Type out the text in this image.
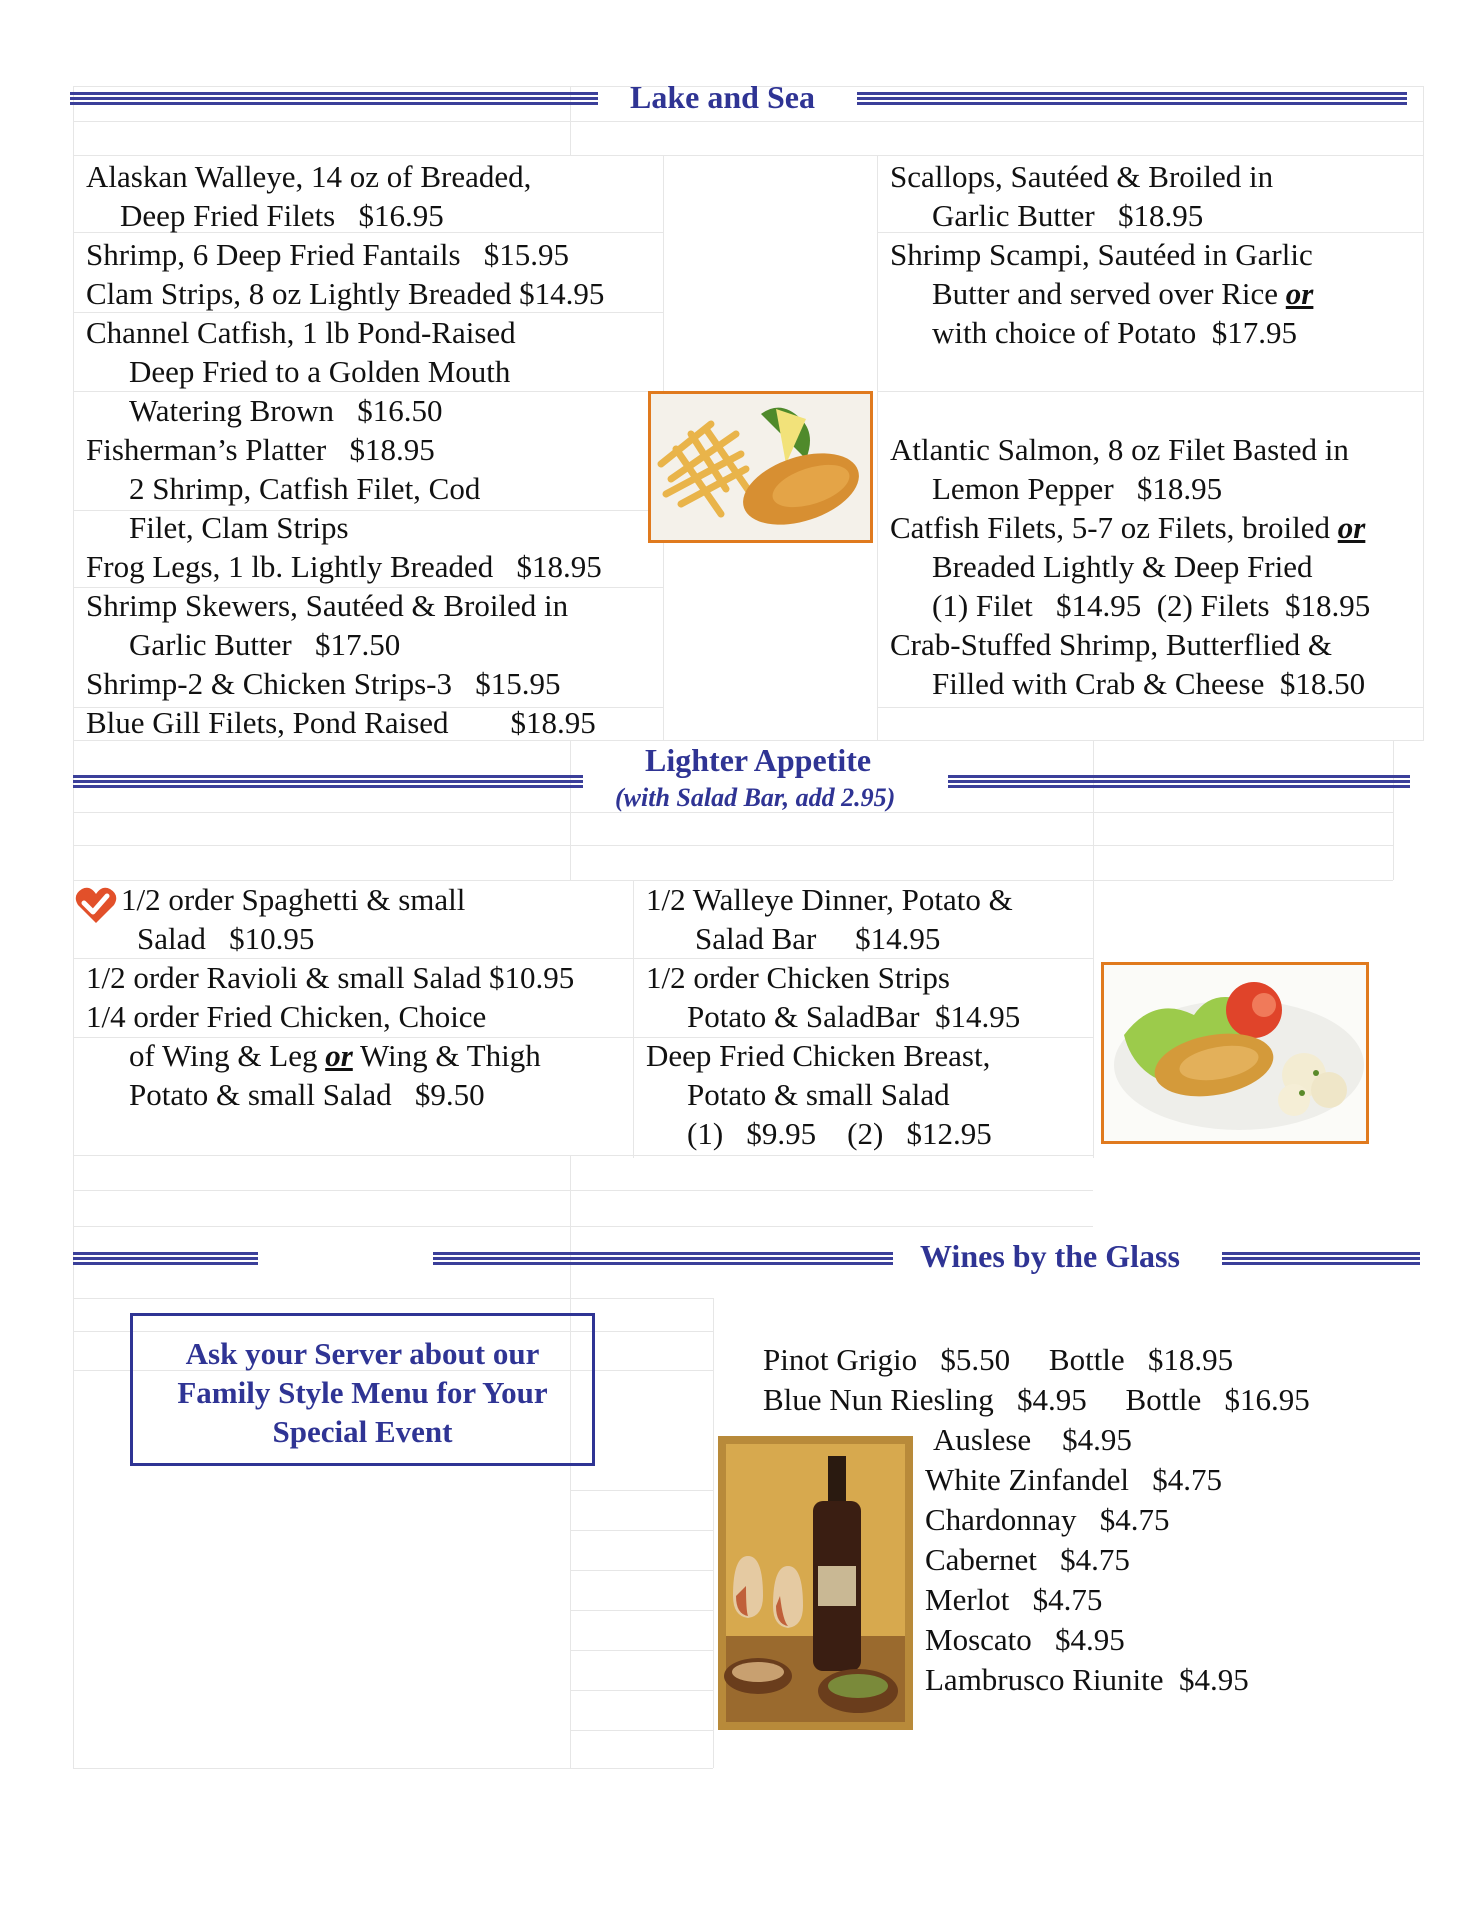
Lake and Sea
Alaskan Walleye, 14 oz of Breaded,
Deep Fried Filets   $16.95
Shrimp, 6 Deep Fried Fantails   $15.95
Clam Strips, 8 oz Lightly Breaded $14.95
Channel Catfish, 1 lb Pond-Raised
Deep Fried to a Golden Mouth
Watering Brown   $16.50
Fisherman’s Platter   $18.95
2 Shrimp, Catfish Filet, Cod
Filet, Clam Strips
Frog Legs, 1 lb. Lightly Breaded   $18.95
Shrimp Skewers, Sautéed & Broiled in
Garlic Butter   $17.50
Shrimp-2 & Chicken Strips-3   $15.95
Blue Gill Filets, Pond Raised        $18.95
Scallops, Sautéed & Broiled in
Garlic Butter   $18.95
Shrimp Scampi, Sautéed in Garlic
Butter and served over Rice or
with choice of Potato  $17.95
Atlantic Salmon, 8 oz Filet Basted in
Lemon Pepper   $18.95
Catfish Filets, 5-7 oz Filets, broiled or
Breaded Lightly & Deep Fried
(1) Filet   $14.95  (2) Filets  $18.95
Crab-Stuffed Shrimp, Butterflied &
Filled with Crab & Cheese  $18.50
Lighter Appetite
(with Salad Bar, add 2.95)
1/2 order Spaghetti & small
Salad   $10.95
1/2 order Ravioli & small Salad $10.95
1/4 order Fried Chicken, Choice
of Wing & Leg or Wing & Thigh
Potato & small Salad   $9.50
1/2 Walleye Dinner, Potato &
Salad Bar     $14.95
1/2 order Chicken Strips
Potato & SaladBar  $14.95
Deep Fried Chicken Breast,
Potato & small Salad
(1)   $9.95    (2)   $12.95
Wines by the Glass
Ask your Server about our
Family Style Menu for Your
Special Event
Pinot Grigio   $5.50     Bottle   $18.95
Blue Nun Riesling   $4.95     Bottle   $16.95
Auslese    $4.95
White Zinfandel   $4.75
Chardonnay   $4.75
Cabernet   $4.75
Merlot   $4.75
Moscato   $4.95
Lambrusco Riunite  $4.95
